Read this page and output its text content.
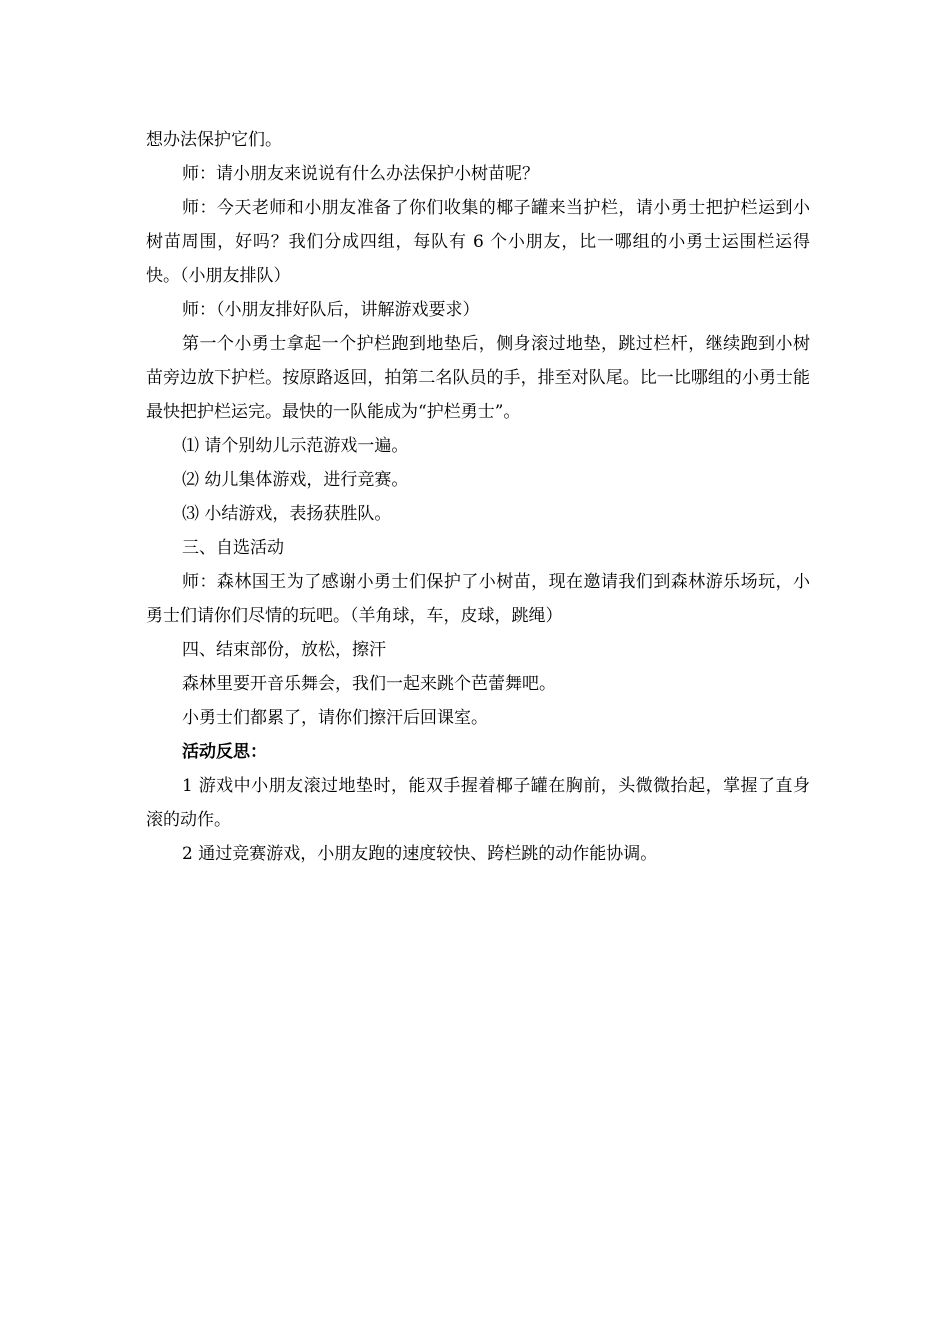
想办法保护它们。

师：请小朋友来说说有什么办法保护小树苗呢？

师：今天老师和小朋友准备了你们收集的椰子罐来当护栏，请小勇士把护栏运到小树苗周围，好吗？我们分成四组，每队有 6 个小朋友，比一哪组的小勇士运围栏运得快。（小朋友排队）

师：（小朋友排好队后，讲解游戏要求）

第一个小勇士拿起一个护栏跑到地垫后，侧身滚过地垫，跳过栏杆，继续跑到小树苗旁边放下护栏。按原路返回，拍第二名队员的手，排至对队尾。比一比哪组的小勇士能最快把护栏运完。最快的一队能成为“护栏勇士”。

⑴ 请个别幼儿示范游戏一遍。

⑵ 幼儿集体游戏，进行竞赛。

⑶ 小结游戏，表扬获胜队。

三、自选活动

师：森林国王为了感谢小勇士们保护了小树苗，现在邀请我们到森林游乐场玩，小勇士们请你们尽情的玩吧。（羊角球，车，皮球，跳绳）

四、结束部份，放松，擦汗

森林里要开音乐舞会，我们一起来跳个芭蕾舞吧。

小勇士们都累了，请你们擦汗后回课室。

活动反思：

1 游戏中小朋友滚过地垫时，能双手握着椰子罐在胸前，头微微抬起，掌握了直身滚的动作。

2 通过竞赛游戏，小朋友跑的速度较快、跨栏跳的动作能协调。
